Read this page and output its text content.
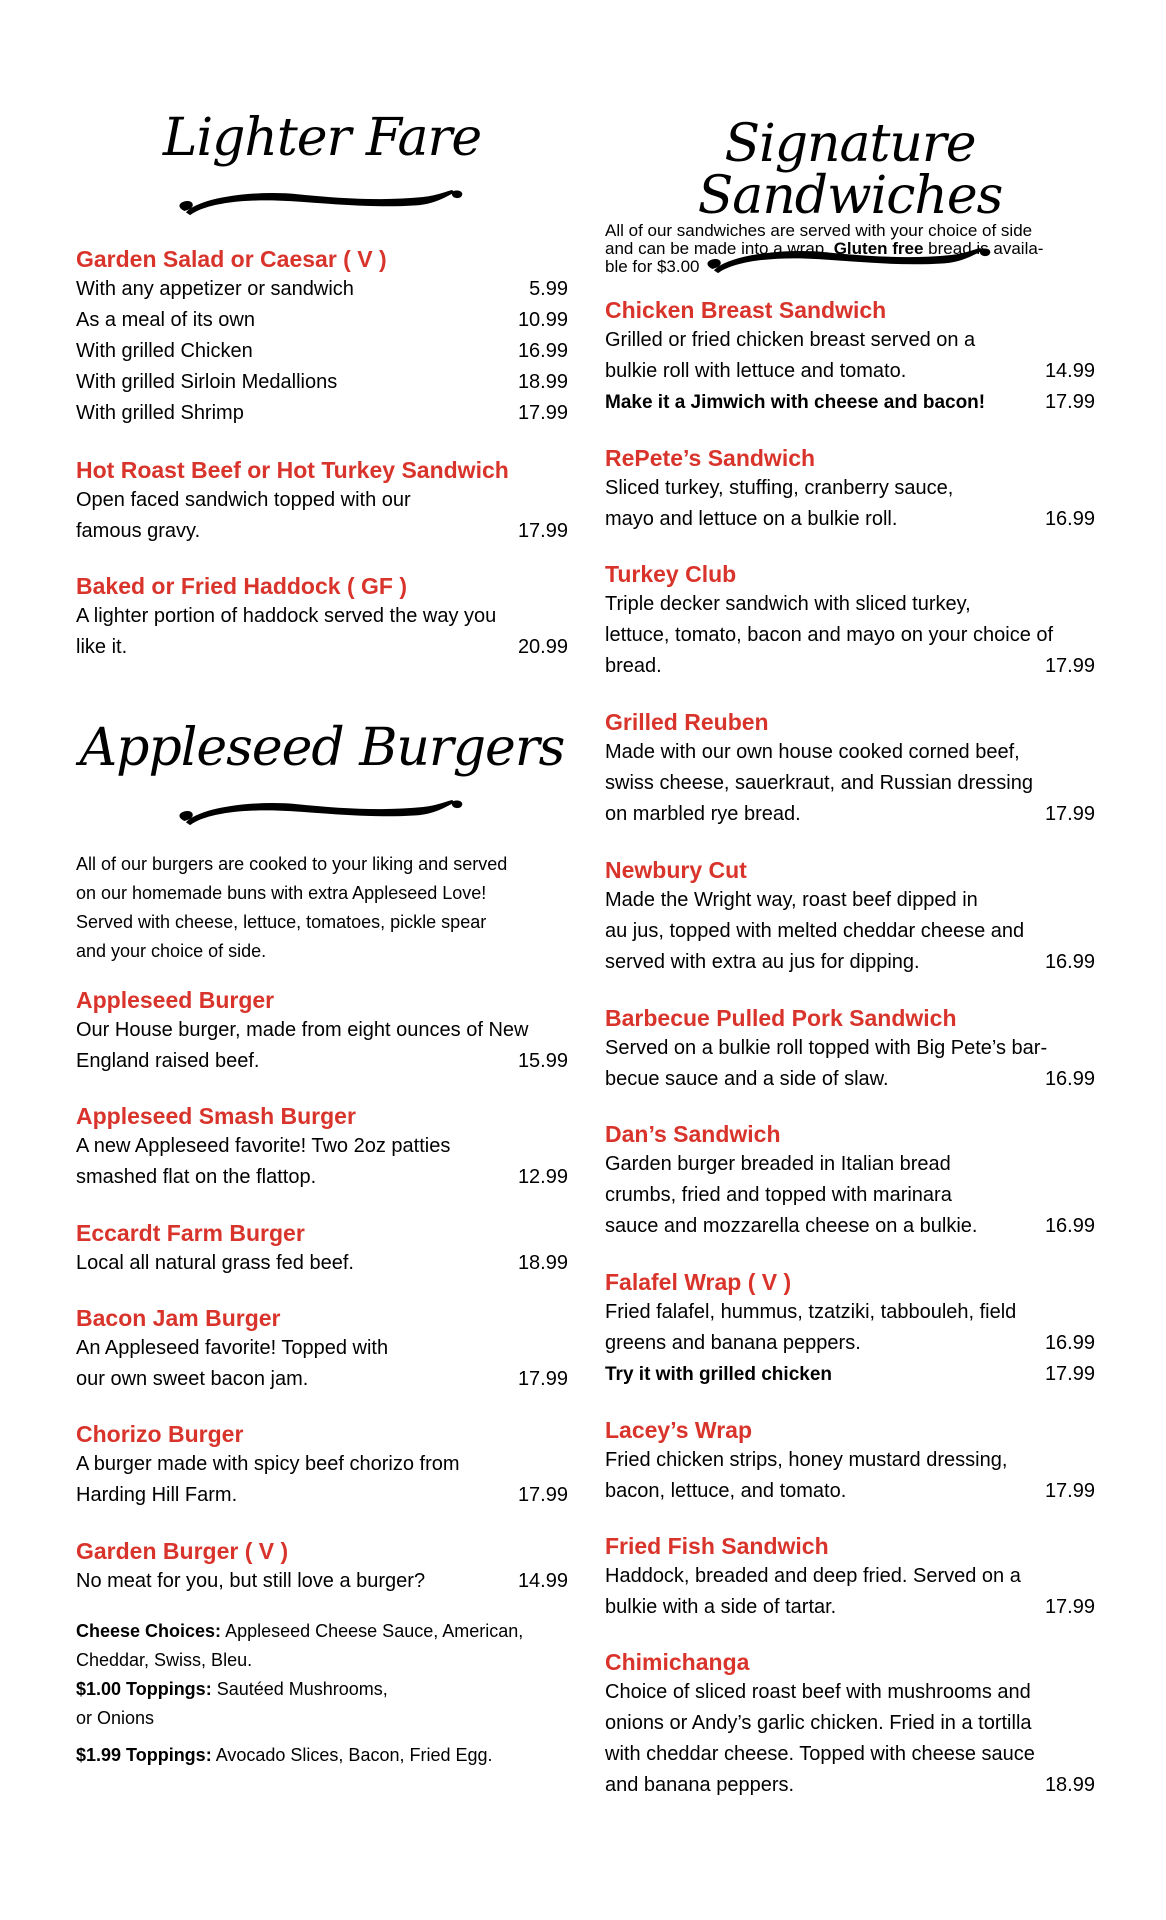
Lighter Fare
Garden Salad or Caesar ( V )
With any appetizer or sandwich	5.99
As a meal of its own	10.99
With grilled Chicken	16.99
With grilled Sirloin Medallions	18.99
With grilled Shrimp	17.99
Hot Roast Beef or Hot Turkey Sandwich
Open faced sandwich topped with our
famous gravy.	17.99
Baked or Fried Haddock ( GF )
A lighter portion of haddock served the way you
like it.	20.99
Appleseed Burgers
All of our burgers are cooked to your liking and served
on our homemade buns with extra Appleseed Love!
Served with cheese, lettuce, tomatoes, pickle spear
and your choice of side.
Appleseed Burger
Our House burger, made from eight ounces of New
England raised beef.	15.99
Appleseed Smash Burger
A new Appleseed favorite! Two 2oz patties
smashed flat on the flattop.	12.99
Eccardt Farm Burger
Local all natural grass fed beef.	18.99
Bacon Jam Burger
An Appleseed favorite! Topped with
our own sweet bacon jam.	17.99
Chorizo Burger
A burger made with spicy beef chorizo from
Harding Hill Farm.	17.99
Garden Burger ( V )
No meat for you, but still love a burger?	14.99
Cheese Choices: Appleseed Cheese Sauce, American,
Cheddar, Swiss, Bleu.
$1.00 Toppings: Sautéed Mushrooms,
or Onions
$1.99 Toppings: Avocado Slices, Bacon, Fried Egg.
Signature Sandwiches
All of our sandwiches are served with your choice of side
and can be made into a wrap. Gluten free bread is availa-
ble for $3.00
Chicken Breast Sandwich
Grilled or fried chicken breast served on a
bulkie roll with lettuce and tomato.	14.99
Make it a Jimwich with cheese and bacon!	17.99
RePete’s Sandwich
Sliced turkey, stuffing, cranberry sauce,
mayo and lettuce on a bulkie roll.	16.99
Turkey Club
Triple decker sandwich with sliced turkey,
lettuce, tomato, bacon and mayo on your choice of
bread.	17.99
Grilled Reuben
Made with our own house cooked corned beef,
swiss cheese, sauerkraut, and Russian dressing
on marbled rye bread.	17.99
Newbury Cut
Made the Wright way, roast beef dipped in
au jus, topped with melted cheddar cheese and
served with extra au jus for dipping.	16.99
Barbecue Pulled Pork Sandwich
Served on a bulkie roll topped with Big Pete’s bar-
becue sauce and a side of slaw.	16.99
Dan’s Sandwich
Garden burger breaded in Italian bread
crumbs, fried and topped with marinara
sauce and mozzarella cheese on a bulkie.	16.99
Falafel Wrap ( V )
Fried falafel, hummus, tzatziki, tabbouleh, field
greens and banana peppers.	16.99
Try it with grilled chicken	17.99
Lacey’s Wrap
Fried chicken strips, honey mustard dressing,
bacon, lettuce, and tomato.	17.99
Fried Fish Sandwich
Haddock, breaded and deep fried. Served on a
bulkie with a side of tartar.	17.99
Chimichanga
Choice of sliced roast beef with mushrooms and
onions or Andy’s garlic chicken. Fried in a tortilla
with cheddar cheese. Topped with cheese sauce
and banana peppers.	18.99
